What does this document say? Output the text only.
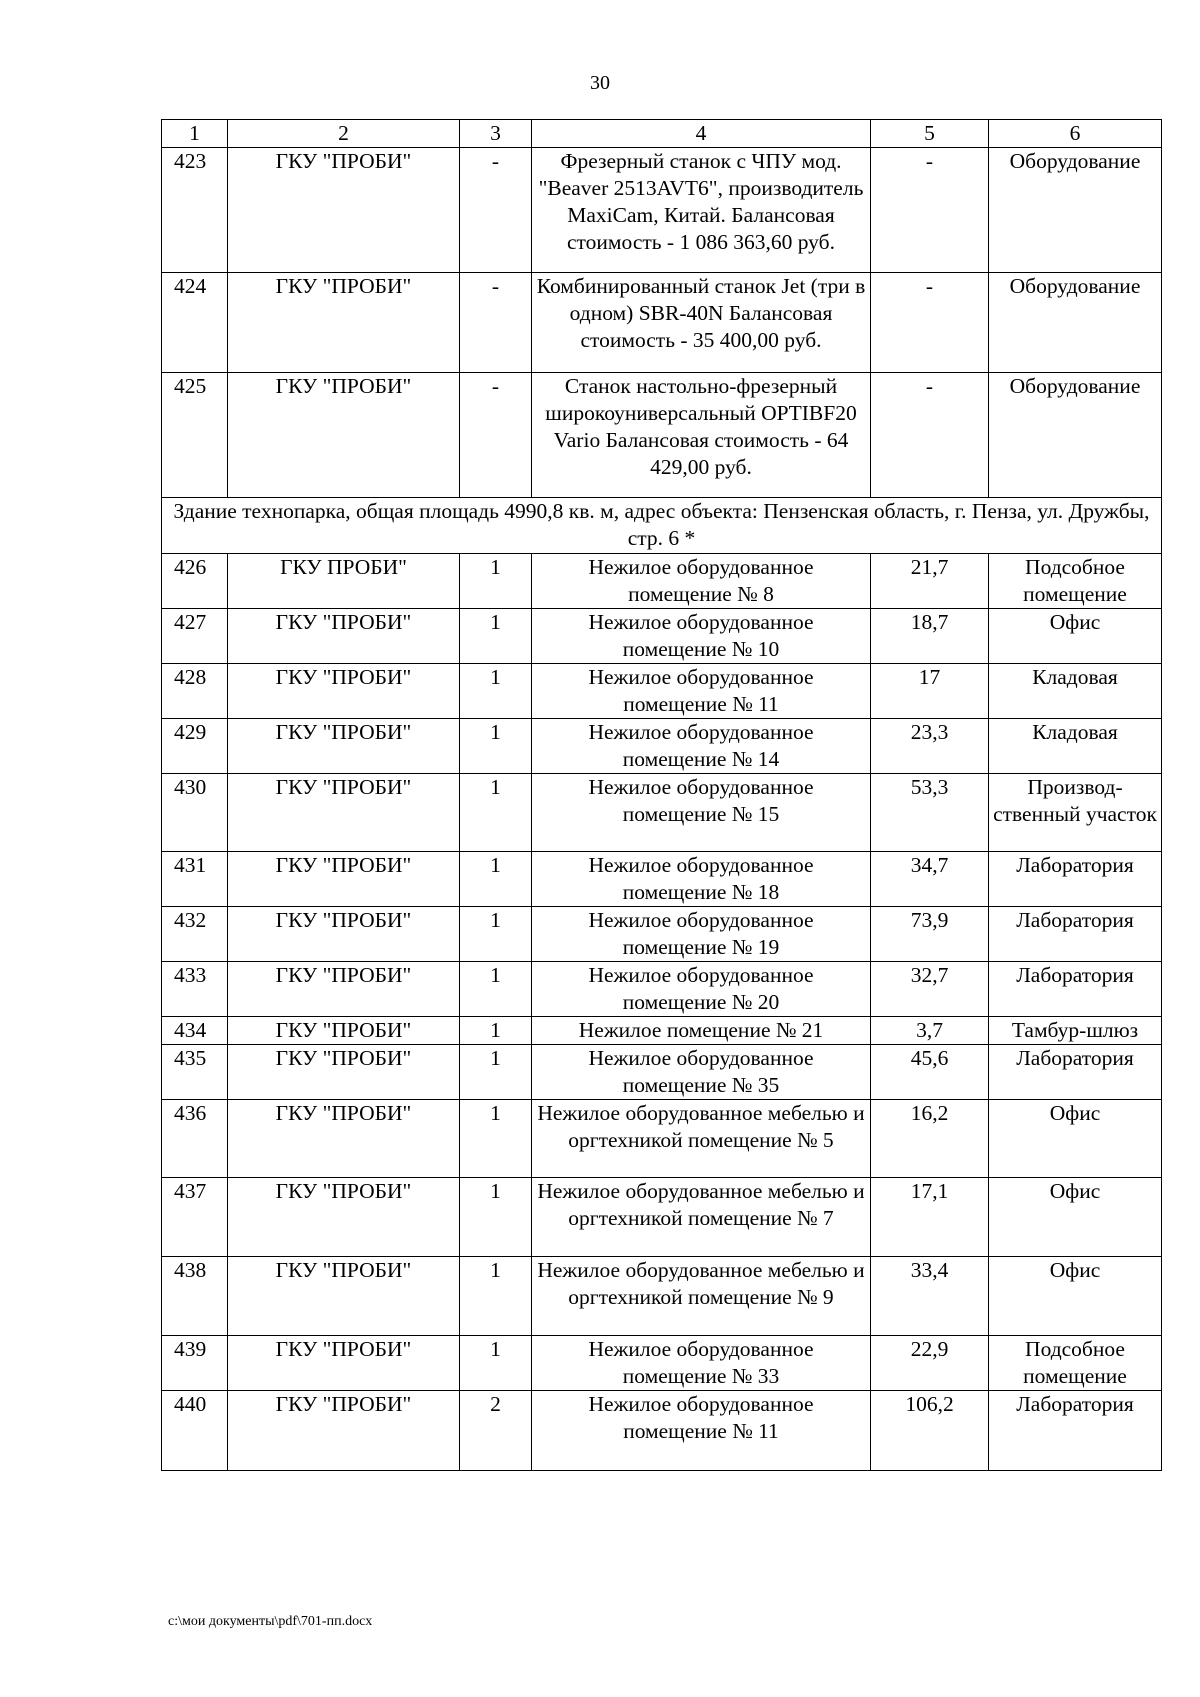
30
1	2	3	4	5	6
423	ГКУ "ПРОБИ"	-	Фрезерный станок с ЧПУ мод. "Beaver 2513AVT6", производитель MaxiCam, Китай. Балансовая стоимость - 1 086 363,60 руб.	-	Оборудование
424	ГКУ "ПРОБИ"	-	Комбинированный станок Jet (три в одном) SBR-40N Балансовая стоимость - 35 400,00 руб.	-	Оборудование
425	ГКУ "ПРОБИ"	-	Станок настольно-фрезерный широкоуниверсальный OPTIBF20 Vario Балансовая стоимость - 64 429,00 руб.	-	Оборудование
Здание технопарка, общая площадь 4990,8 кв. м, адрес объекта: Пензенская область, г. Пенза, ул. Дружбы, стр. 6 *					
426	ГКУ ПРОБИ"	1	Нежилое оборудованное помещение № 8	21,7	Подсобное помещение
427	ГКУ "ПРОБИ"	1	Нежилое оборудованное помещение № 10	18,7	Офис
428	ГКУ "ПРОБИ"	1	Нежилое оборудованное помещение № 11	17	Кладовая
429	ГКУ "ПРОБИ"	1	Нежилое оборудованное помещение № 14	23,3	Кладовая
430	ГКУ "ПРОБИ"	1	Нежилое оборудованное помещение № 15	53,3	Производ-ственный участок
431	ГКУ "ПРОБИ"	1	Нежилое оборудованное помещение № 18	34,7	Лаборатория
432	ГКУ "ПРОБИ"	1	Нежилое оборудованное помещение № 19	73,9	Лаборатория
433	ГКУ "ПРОБИ"	1	Нежилое оборудованное помещение № 20	32,7	Лаборатория
434	ГКУ "ПРОБИ"	1	Нежилое помещение № 21	3,7	Тамбур-шлюз
435	ГКУ "ПРОБИ"	1	Нежилое оборудованное помещение № 35	45,6	Лаборатория
436	ГКУ "ПРОБИ"	1	Нежилое оборудованное мебелью и оргтехникой помещение № 5	16,2	Офис
437	ГКУ "ПРОБИ"	1	Нежилое оборудованное мебелью и оргтехникой помещение № 7	17,1	Офис
438	ГКУ "ПРОБИ"	1	Нежилое оборудованное мебелью и оргтехникой помещение № 9	33,4	Офис
439	ГКУ "ПРОБИ"	1	Нежилое оборудованное помещение № 33	22,9	Подсобное помещение
440	ГКУ "ПРОБИ"	2	Нежилое оборудованное помещение № 11	106,2	Лаборатория
c:\мои документы\pdf\701-пп.docx
